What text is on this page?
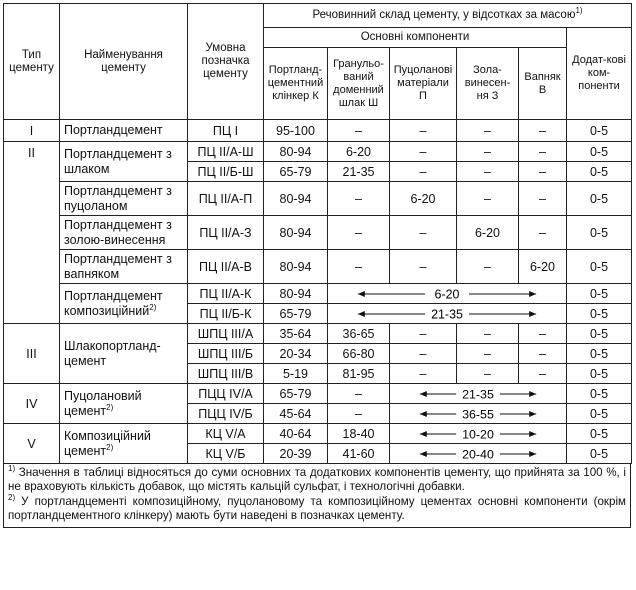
Тип цементу	Найменування цементу	Умовна позначка цементу	Речовинний склад цементу, у відсотках за масою$^{1)}$
			Основні компоненти					Додат-кові ком-поненти
			Портланд-цементний клінкер К	Гранульо-ваний доменний шлак Ш	Пуцоланові матеріали П	Зола-винесен-ня З	Вапняк В	
I	Портландцемент	ПЦ I	95-100	–	–	–	–	0-5
II	Портландцемент з шлаком	ПЦ II/А-Ш	80-94	6-20	–	–	–	0-5
		ПЦ II/Б-Ш	65-79	21-35	–	–	–	0-5
	Портландцемент з пуцоланом	ПЦ II/А-П	80-94	–	6-20	–	–	0-5
	Портландцемент з золою-винесення	ПЦ II/А-З	80-94	–	–	6-20	–	0-5
	Портландцемент з вапняком	ПЦ II/А-В	80-94	–	–	–	6-20	0-5
	Портландцемент композиційний$^{2)}$	ПЦ II/А-К	80-94	6-20				0-5
		ПЦ II/Б-К	65-79	21-35				0-5
III	Шлакопортланд-цемент	ШПЦ III/А	35-64	36-65	–	–	–	0-5
		ШПЦ III/Б	20-34	66-80	–	–	–	0-5
		ШПЦ III/В	5-19	81-95	–	–	–	0-5
IV	Пуцолановий цемент$^{2)}$	ПЦЦ IV/А	65-79	–	21-35			0-5
		ПЦЦ IV/Б	45-64	–	36-55			0-5
V	Композиційний цемент$^{2)}$	КЦ V/А	40-64	18-40	10-20			0-5
		КЦ V/Б	20-39	41-60	20-40			0-5

$^{1)}$ Значення в таблиці відносяться до суми основних та додаткових компонентів цементу, що прийнята за 100 %, і не враховують кількість добавок, що містять кальцій сульфат, і технологічні добавки.

$^{2)}$ У портландцементі композиційному, пуцолановому та композиційному цементах основні компоненти (окрім портландцементного клінкеру) мають бути наведені в позначках цементу.
